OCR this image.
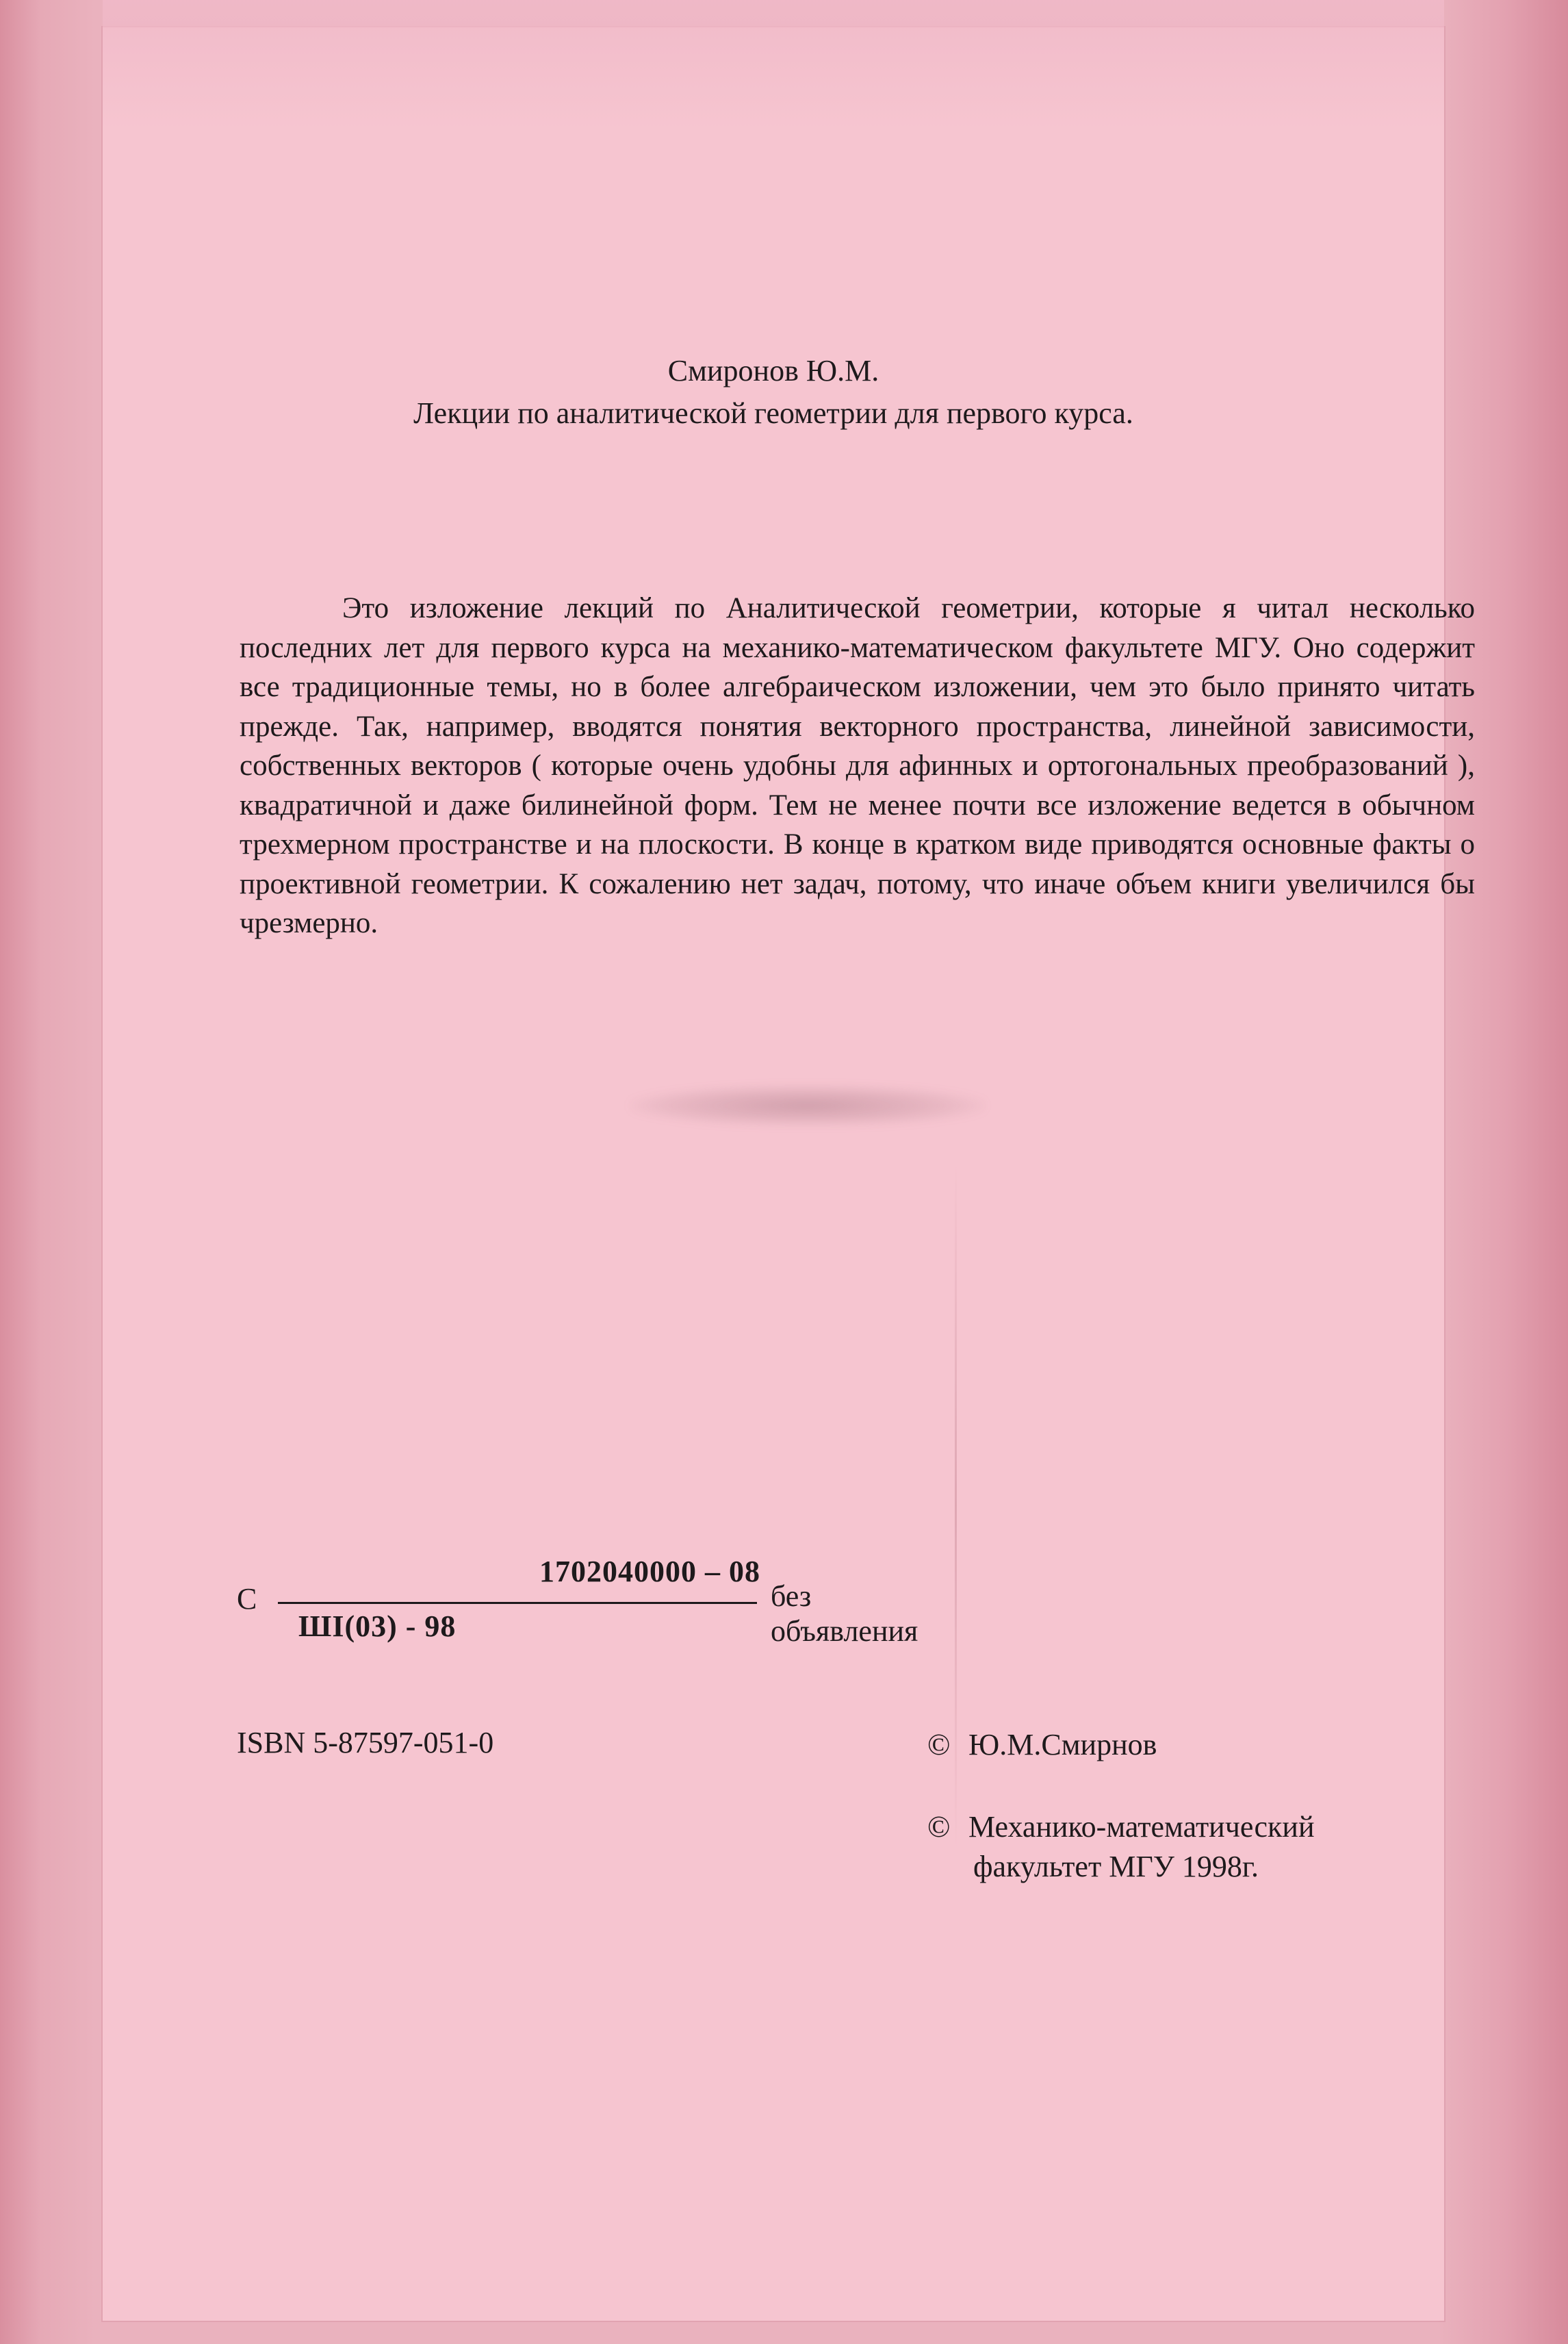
Смиронов Ю.М.
Лекции по аналитической геометрии для первого курса.

Это изложение лекций по Аналитической геометрии, которые я читал несколько последних лет для первого курса на механико-математическом факультете МГУ. Оно содержит все традиционные темы, но в более алгебраическом изложении, чем это было принято читать прежде. Так, например, вводятся понятия векторного пространства, линейной зависимости, собственных векторов ( которые очень удобны для афинных и ортогональных преобразований ), квадратичной и даже билинейной форм. Тем не менее почти все изложение ведется в обычном трехмерном пространстве и на плоскости. В конце в кратком виде приводятся основные факты о проективной геометрии. К сожалению нет задач, потому, что иначе объем книги увеличился бы чрезмерно.

С
1702040000 – 08
ШІ(03) - 98
без объявления
ISBN 5-87597-051-0	© Ю.М.Смирнов
© Механико-математический
факультет МГУ 1998г.
